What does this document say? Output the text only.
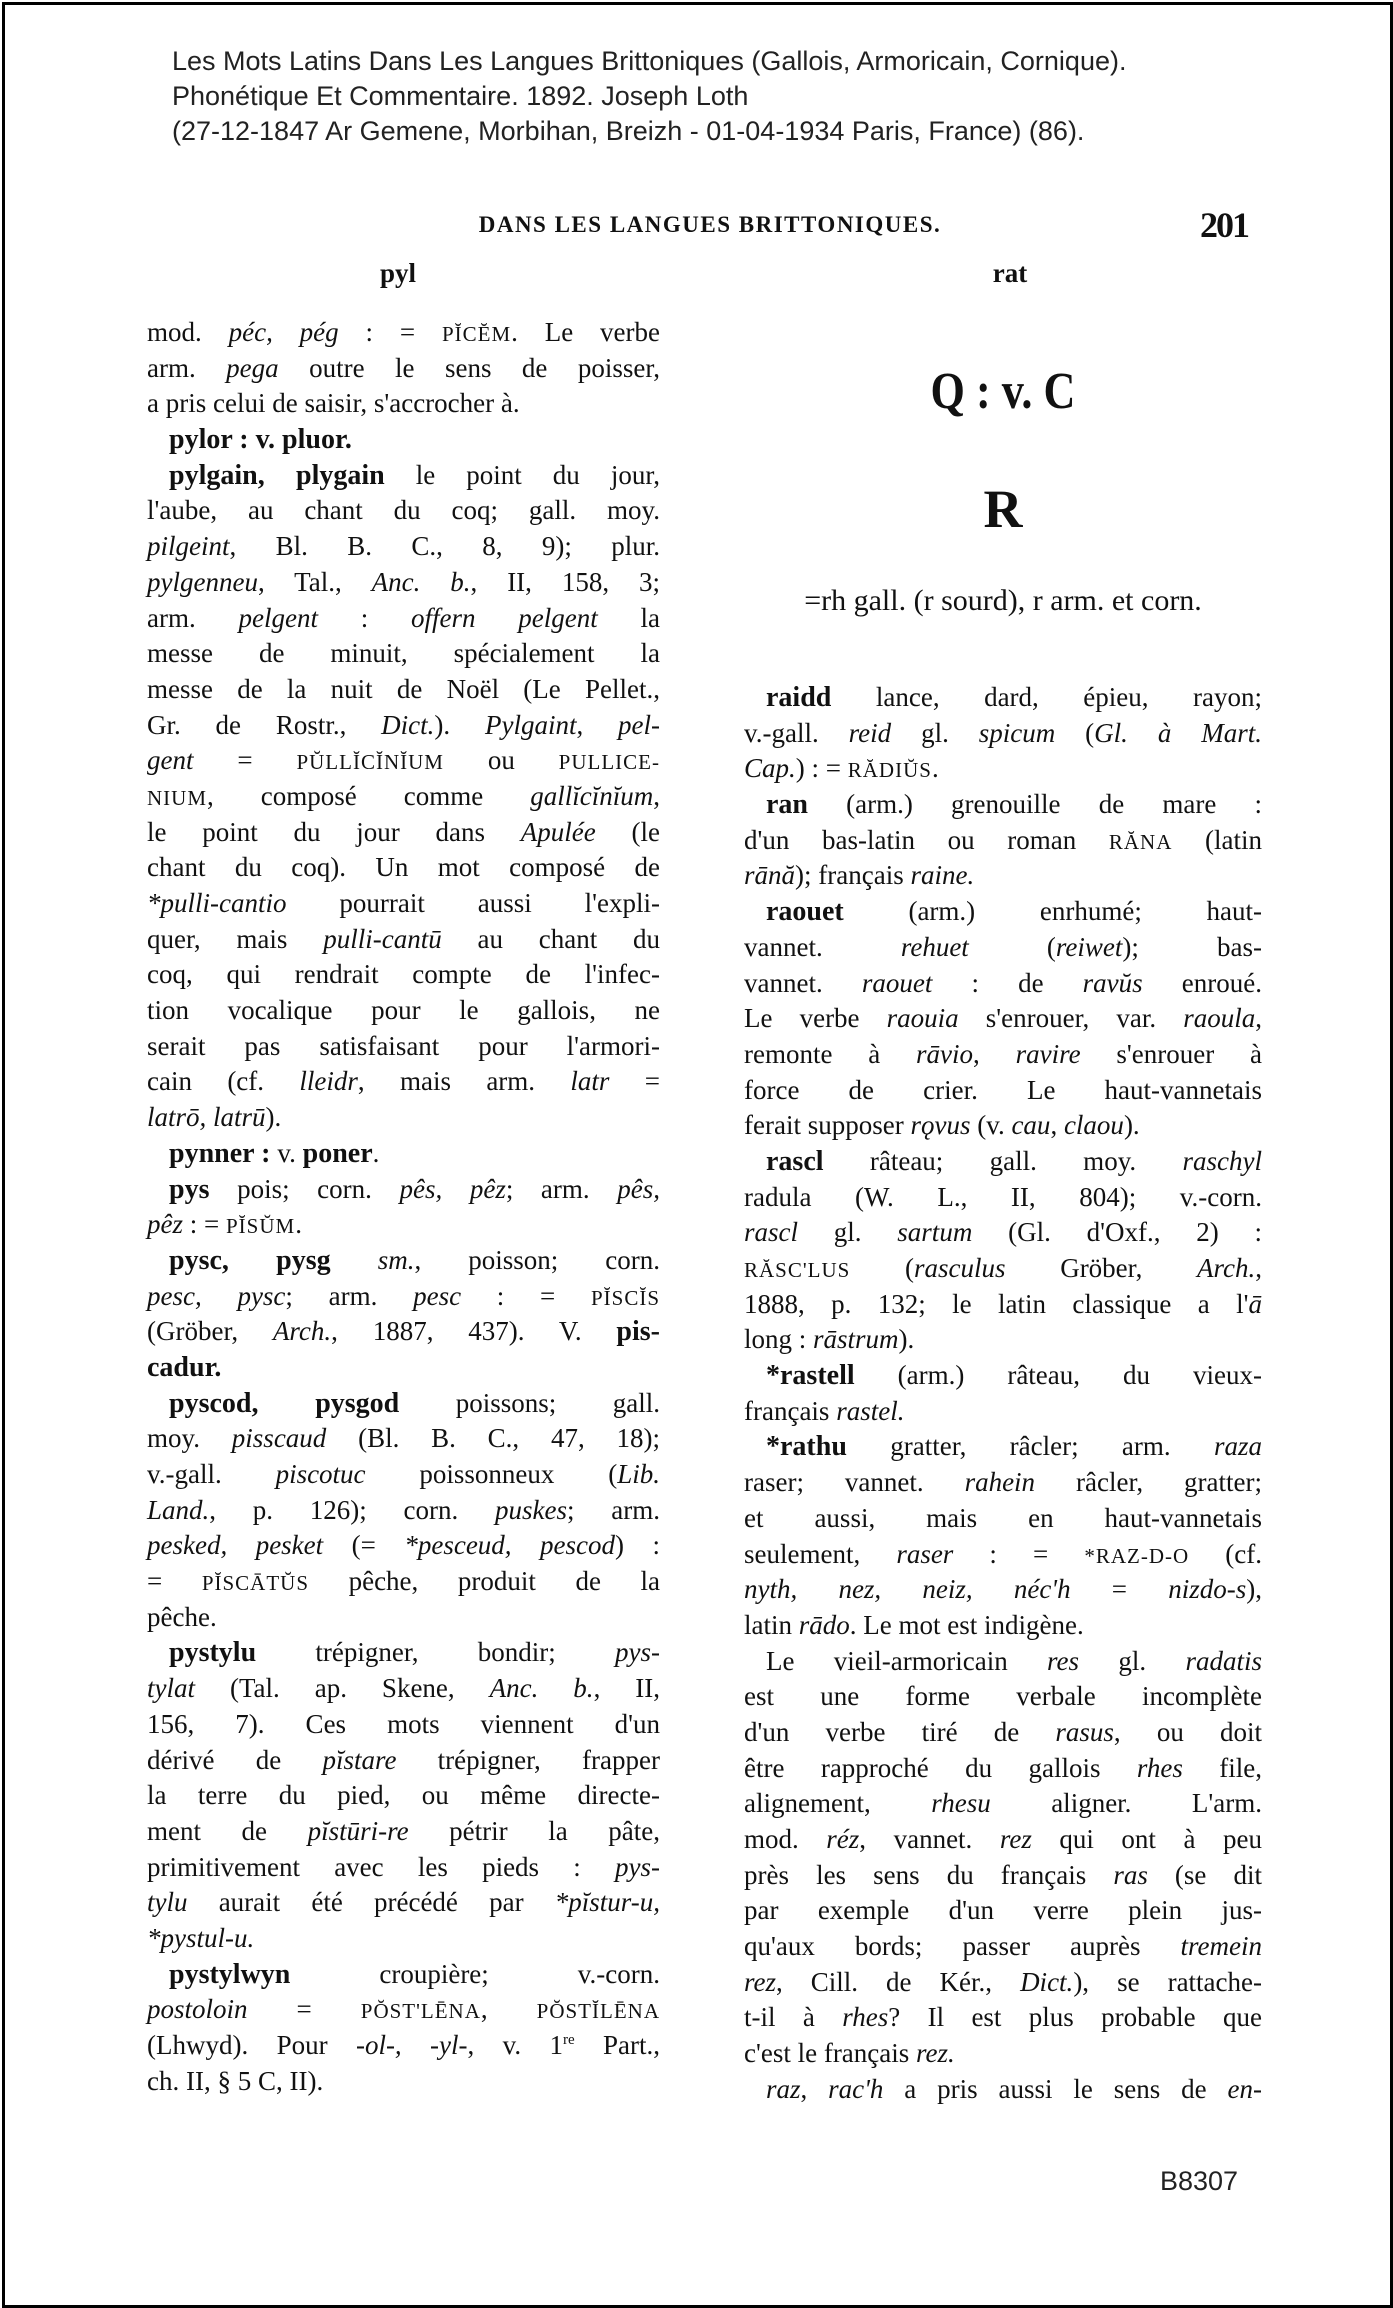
Les Mots Latins Dans Les Langues Brittoniques (Gallois, Armoricain, Cornique).
Phonétique Et Commentaire. 1892. Joseph Loth
(27-12-1847 Ar Gemene, Morbihan, Breizh - 01-04-1934 Paris, France) (86).
DANS LES LANGUES BRITTONIQUES.	201
pyl	rat
mod. péc, pég : = PĬCĔM. Le verbe
arm. pega outre le sens de poisser,
a pris celui de saisir, s'accrocher à.
pylor : v. pluor.
pylgain, plygain le point du jour,
l'aube, au chant du coq; gall. moy.
pilgeint, Bl. B. C., 8, 9); plur.
pylgenneu, Tal., Anc. b., II, 158, 3;
arm. pelgent : offern pelgent la
messe de minuit, spécialement la
messe de la nuit de Noël (Le Pellet.,
Gr. de Rostr., Dict.). Pylgaint, pel-
gent = PŬLLĬCĬNĬUM ou PULLICE-
NIUM, composé comme gallĭcĭnĭum,
le point du jour dans Apulée (le
chant du coq). Un mot composé de
*pulli-cantio pourrait aussi l'expli-
quer, mais pulli-cantū au chant du
coq, qui rendrait compte de l'infec-
tion vocalique pour le gallois, ne
serait pas satisfaisant pour l'armori-
cain (cf. lleidr, mais arm. latr =
latrō, latrū).
pynner : v. poner.
pys pois; corn. pês, pêz; arm. pês,
pêz : = PĬSŬM.
pysc, pysg sm., poisson; corn.
pesc, pysc; arm. pesc : = PĬSCĬS
(Gröber, Arch., 1887, 437). V. pis-
cadur.
pyscod, pysgod poissons; gall.
moy. pisscaud (Bl. B. C., 47, 18);
v.-gall. piscotuc poissonneux (Lib.
Land., p. 126); corn. puskes; arm.
pesked, pesket (= *pesceud, pescod) :
= PĬSCĀTŬS pêche, produit de la
pêche.
pystylu trépigner, bondir; pys-
tylat (Tal. ap. Skene, Anc. b., II,
156, 7). Ces mots viennent d'un
dérivé de pĭstare trépigner, frapper
la terre du pied, ou même directe-
ment de pĭstūri-re pétrir la pâte,
primitivement avec les pieds : pys-
tylu aurait été précédé par *pĭstur-u,
*pystul-u.
pystylwyn croupière; v.-corn.
postoloin = PŎST'LĒNA, PŎSTĬLĒNA
(Lhwyd). Pour -ol-, -yl-, v. 1re Part.,
ch. II, § 5 C, II).
Q : v. C
R
=rh gall. (r sourd), r arm. et corn.
raidd lance, dard, épieu, rayon;
v.-gall. reid gl. spicum (Gl. à Mart.
Cap.) : = RĂDIŬS.
ran (arm.) grenouille de mare :
d'un bas-latin ou roman RĂNA (latin
rānă); français raine.
raouet (arm.) enrhumé; haut-
vannet. rehuet (reiwet); bas-
vannet. raouet : de ravŭs enroué.
Le verbe raouia s'enrouer, var. raoula,
remonte à rāvio, ravire s'enrouer à
force de crier. Le haut-vannetais
ferait supposer rǫvus (v. cau, claou).
rascl râteau; gall. moy. raschyl
radula (W. L., II, 804); v.-corn.
rascl gl. sartum (Gl. d'Oxf., 2) :
RĂSC'LUS (rasculus Gröber, Arch.,
1888, p. 132; le latin classique a l'ā
long : rāstrum).
*rastell (arm.) râteau, du vieux-
français rastel.
*rathu gratter, râcler; arm. raza
raser; vannet. rahein râcler, gratter;
et aussi, mais en haut-vannetais
seulement, raser : = *RAZ-D-O (cf.
nyth, nez, neiz, néc'h = nizdo-s),
latin rādo. Le mot est indigène.
Le vieil-armoricain res gl. radatis
est une forme verbale incomplète
d'un verbe tiré de rasus, ou doit
être rapproché du gallois rhes file,
alignement, rhesu aligner. L'arm.
mod. réz, vannet. rez qui ont à peu
près les sens du français ras (se dit
par exemple d'un verre plein jus-
qu'aux bords; passer auprès tremein
rez, Cill. de Kér., Dict.), se rattache-
t-il à rhes? Il est plus probable que
c'est le français rez.
raz, rac'h a pris aussi le sens de en-
B8307
